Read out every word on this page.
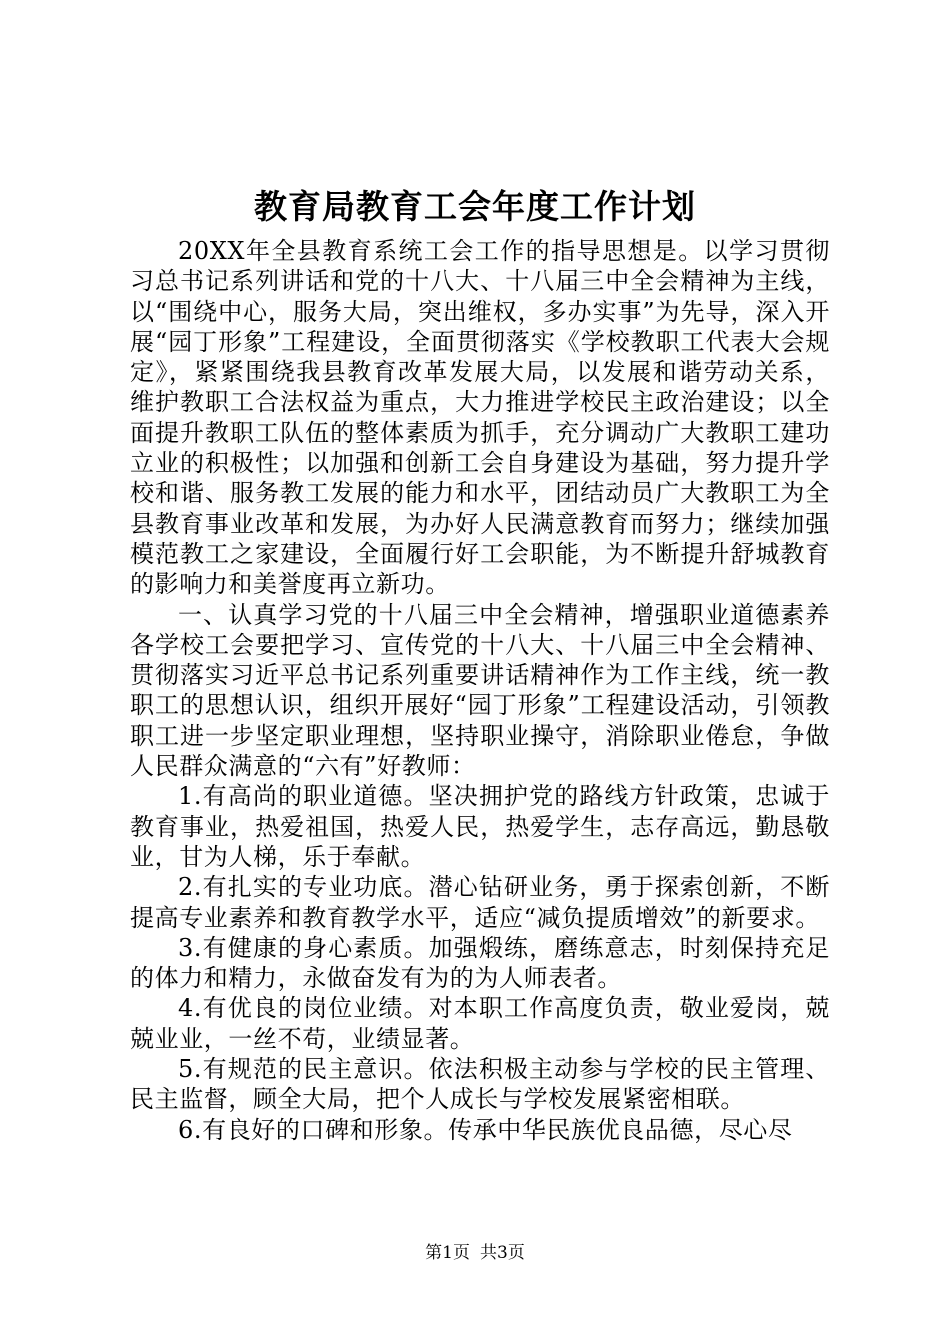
教育局教育工会年度工作计划

20XX年全县教育系统工会工作的指导思想是。以学习贯彻习总书记系列讲话和党的十八大、十八届三中全会精神为主线，以“围绕中心，服务大局，突出维权，多办实事”为先导，深入开展“园丁形象”工程建设，全面贯彻落实《学校教职工代表大会规定》，紧紧围绕我县教育改革发展大局，以发展和谐劳动关系，维护教职工合法权益为重点，大力推进学校民主政治建设；以全面提升教职工队伍的整体素质为抓手，充分调动广大教职工建功立业的积极性；以加强和创新工会自身建设为基础，努力提升学校和谐、服务教工发展的能力和水平，团结动员广大教职工为全县教育事业改革和发展，为办好人民满意教育而努力；继续加强模范教工之家建设，全面履行好工会职能，为不断提升舒城教育的影响力和美誉度再立新功。

一、认真学习党的十八届三中全会精神，增强职业道德素养各学校工会要把学习、宣传党的十八大、十八届三中全会精神、贯彻落实习近平总书记系列重要讲话精神作为工作主线，统一教职工的思想认识，组织开展好“园丁形象”工程建设活动，引领教职工进一步坚定职业理想，坚持职业操守，消除职业倦怠，争做人民群众满意的“六有”好教师：

1.有高尚的职业道德。坚决拥护党的路线方针政策，忠诚于教育事业，热爱祖国，热爱人民，热爱学生，志存高远，勤恳敬业，甘为人梯，乐于奉献。

2.有扎实的专业功底。潜心钻研业务，勇于探索创新，不断提高专业素养和教育教学水平，适应“减负提质增效”的新要求。

3.有健康的身心素质。加强煅练，磨练意志，时刻保持充足的体力和精力，永做奋发有为的为人师表者。

4.有优良的岗位业绩。对本职工作高度负责，敬业爱岗，兢兢业业，一丝不苟，业绩显著。

5.有规范的民主意识。依法积极主动参与学校的民主管理、民主监督，顾全大局，把个人成长与学校发展紧密相联。

6.有良好的口碑和形象。传承中华民族优良品德，尽心尽

第1页 共3页
